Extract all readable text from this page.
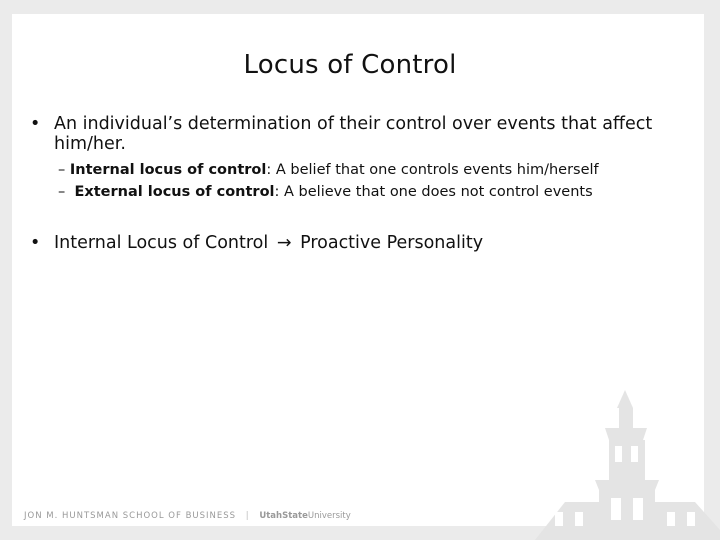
Locus of Control
• An individual’s determination of their control over events that affect him/her.
– Internal locus of control: A belief that one controls events him/herself
– External locus of control: A believe that one does not control events
• Internal Locus of Control → Proactive Personality
JON M. HUNTSMAN SCHOOL OF BUSINESS | UtahStateUniversity
